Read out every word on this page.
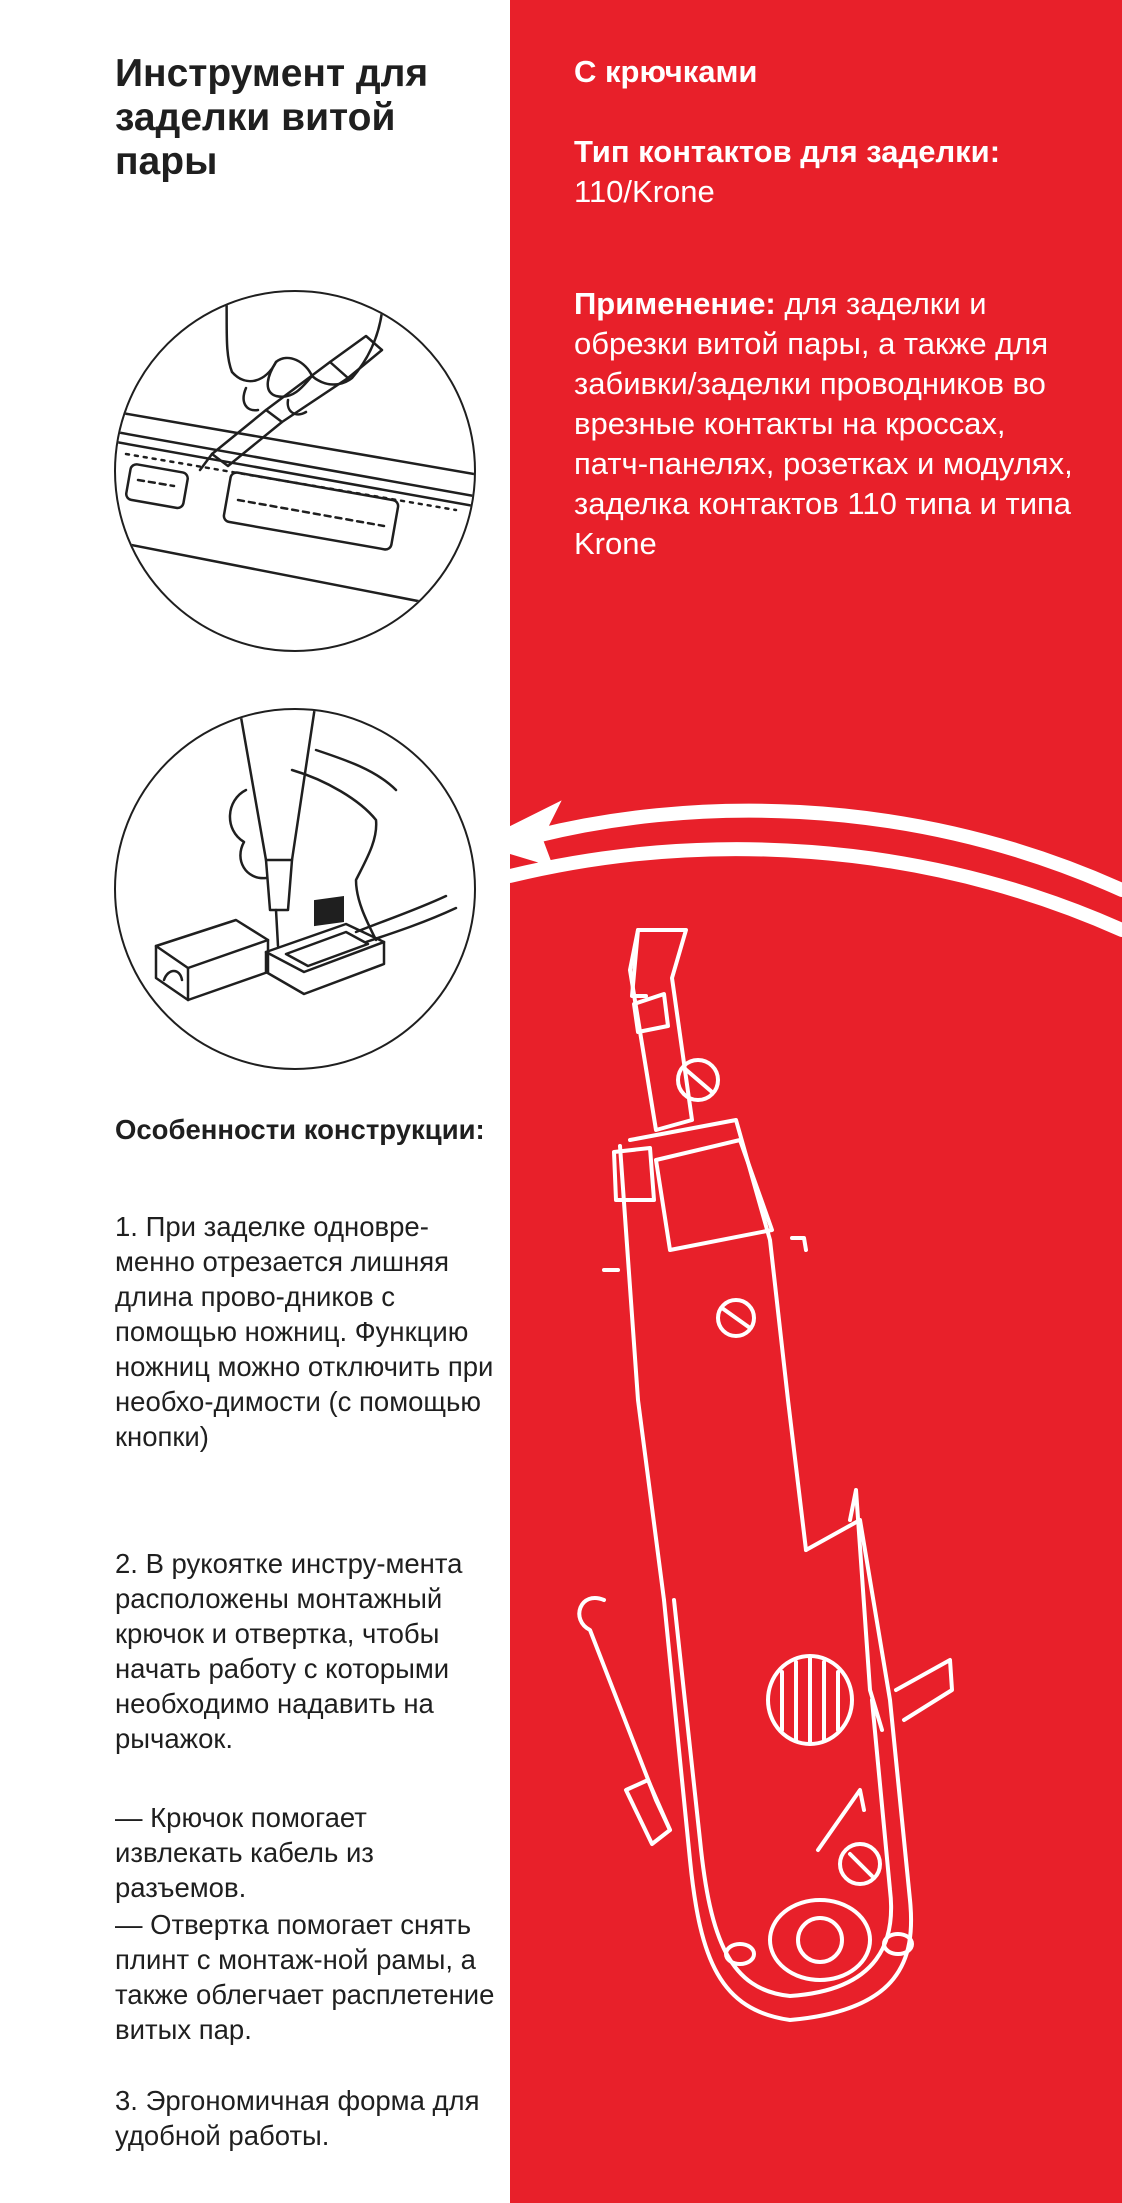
Инструмент для заделки витой пары
С крючками
Тип контактов для заделки:
110/Krone
Применение: для заделки и обрезки витой пары, а также для забивки/заделки проводников во врезные контакты на кроссах, патч-панелях, розетках и модулях, заделка контактов 110 типа и типа Krone
Особенности конструкции:
1. При заделке одновре-менно отрезается лишняя длина прово-дников с помощью ножниц. Функцию ножниц можно отключить при необхо-димости (с помощью кнопки)
2. В рукоятке инстру-мента расположены монтажный крючок и отвертка, чтобы начать работу с которыми необходимо надавить на рычажок.
— Крючок помогает извлекать кабель из разъемов.
— Отвертка помогает снять плинт с монтаж-ной рамы, а также облегчает расплетение витых пар.
3. Эргономичная форма для удобной работы.
